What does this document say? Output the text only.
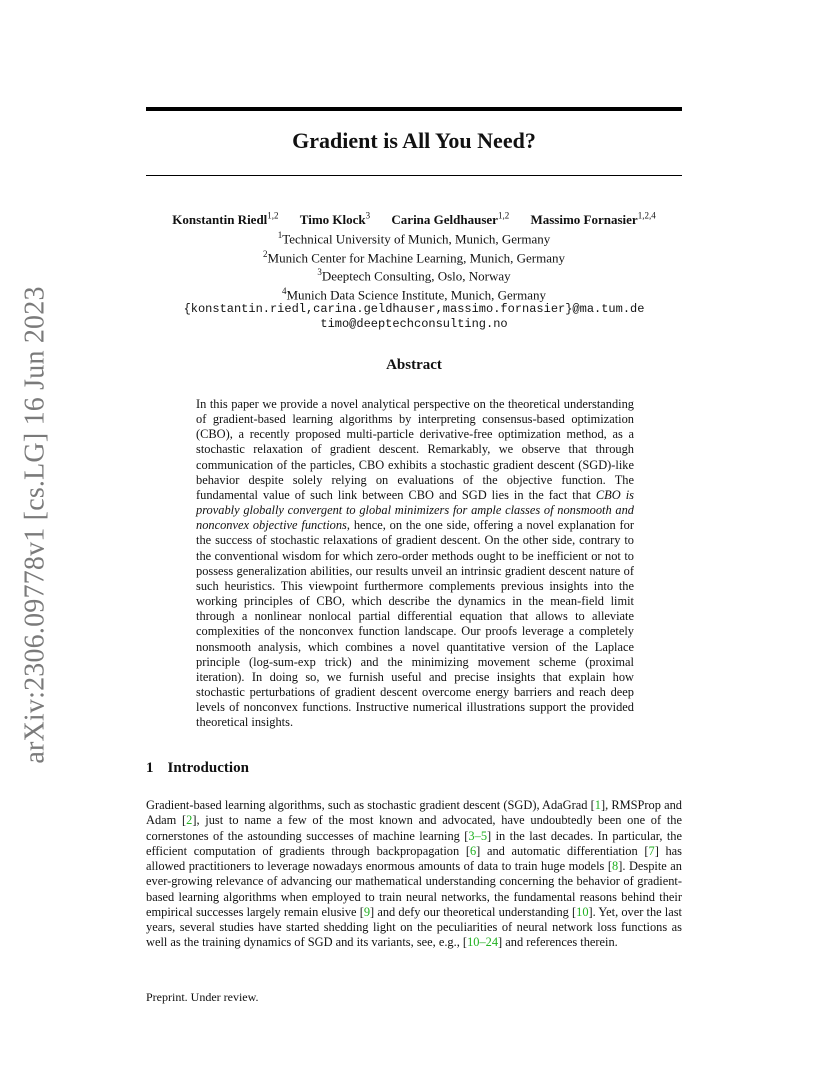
arXiv:2306.09778v1 [cs.LG] 16 Jun 2023
Gradient is All You Need?
Konstantin Riedl$^{1,2}$ Timo Klock$^3$ Carina Geldhauser$^{1,2}$ Massimo Fornasier$^{1,2,4}$
$^1$Technical University of Munich, Munich, Germany
$^2$Munich Center for Machine Learning, Munich, Germany
$^3$Deeptech Consulting, Oslo, Norway
$^4$Munich Data Science Institute, Munich, Germany
{konstantin.riedl,carina.geldhauser,massimo.fornasier}@ma.tum.de
timo@deeptechconsulting.no
Abstract
In this paper we provide a novel analytical perspective on the theoretical understanding of gradient-based learning algorithms by interpreting consensus-based optimization (CBO), a recently proposed multi-particle derivative-free optimization method, as a stochastic relaxation of gradient descent. Remarkably, we observe that through communication of the particles, CBO exhibits a stochastic gradient descent (SGD)-like behavior despite solely relying on evaluations of the objective function. The fundamental value of such link between CBO and SGD lies in the fact that CBO is provably globally convergent to global minimizers for ample classes of nonsmooth and nonconvex objective functions, hence, on the one side, offering a novel explanation for the success of stochastic relaxations of gradient descent. On the other side, contrary to the conventional wisdom for which zero-order methods ought to be inefficient or not to possess generalization abilities, our results unveil an intrinsic gradient descent nature of such heuristics. This viewpoint furthermore complements previous insights into the working principles of CBO, which describe the dynamics in the mean-field limit through a nonlinear nonlocal partial differential equation that allows to alleviate complexities of the nonconvex function landscape. Our proofs leverage a completely nonsmooth analysis, which combines a novel quantitative version of the Laplace principle (log-sum-exp trick) and the minimizing movement scheme (proximal iteration). In doing so, we furnish useful and precise insights that explain how stochastic perturbations of gradient descent overcome energy barriers and reach deep levels of nonconvex functions. Instructive numerical illustrations support the provided theoretical insights.
1 Introduction
Gradient-based learning algorithms, such as stochastic gradient descent (SGD), AdaGrad [1], RMSProp and Adam [2], just to name a few of the most known and advocated, have undoubtedly been one of the cornerstones of the astounding successes of machine learning [3–5] in the last decades. In particular, the efficient computation of gradients through backpropagation [6] and automatic differentiation [7] has allowed practitioners to leverage nowadays enormous amounts of data to train huge models [8]. Despite an ever-growing relevance of advancing our mathematical understanding concerning the behavior of gradient-based learning algorithms when employed to train neural networks, the fundamental reasons behind their empirical successes largely remain elusive [9] and defy our theoretical understanding [10]. Yet, over the last years, several studies have started shedding light on the peculiarities of neural network loss functions as well as the training dynamics of SGD and its variants, see, e.g., [10–24] and references therein.
Preprint. Under review.
